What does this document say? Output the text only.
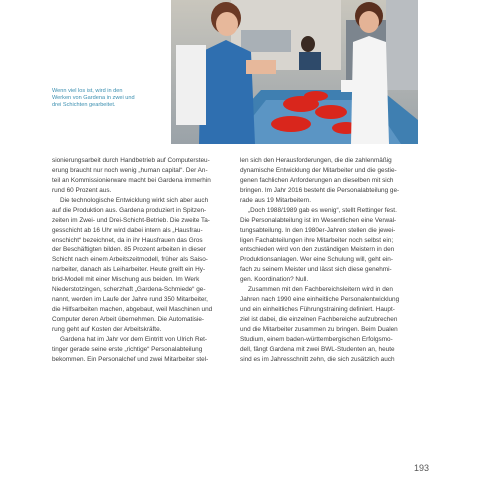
Wenn viel los ist, wird in den
Werken von Gardena in zwei und
drei Schichten gearbeitet.
sionierungsarbeit durch Handbetrieb auf Computersteu-
erung braucht nur noch wenig „human capital“. Der An-
teil an Kommissionierware macht bei Gardena immerhin
rund 60 Prozent aus.
Die technologische Entwicklung wirkt sich aber auch
auf die Produktion aus. Gardena produziert in Spitzen-
zeiten im Zwei- und Drei-Schicht-Betrieb. Die zweite Ta-
gesschicht ab 16 Uhr wird dabei intern als „Hausfrau-
enschicht“ bezeichnet, da in ihr Hausfrauen das Gros
der Beschäftigten bilden. 85 Prozent arbeiten in dieser
Schicht nach einem Arbeitszeitmodell, früher als Saiso-
narbeiter, danach als Leiharbeiter. Heute greift ein Hy-
brid-Modell mit einer Mischung aus beiden. Im Werk
Niederstotzingen, scherzhaft „Gardena-Schmiede“ ge-
nannt, werden im Laufe der Jahre rund 350 Mitarbeiter,
die Hilfsarbeiten machen, abgebaut, weil Maschinen und
Computer deren Arbeit übernehmen. Die Automatisie-
rung geht auf Kosten der Arbeitskräfte.
Gardena hat im Jahr vor dem Eintritt von Ulrich Ret-
tinger gerade seine erste „richtige“ Personalabteilung
bekommen. Ein Personalchef und zwei Mitarbeiter stel-
len sich den Herausforderungen, die die zahlenmäßig
dynamische Entwicklung der Mitarbeiter und die gestie-
genen fachlichen Anforderungen an dieselben mit sich
bringen. Im Jahr 2016 besteht die Personalabteilung ge-
rade aus 19 Mitarbeitern.
„Doch 1988/1989 gab es wenig“, stellt Rettinger fest.
Die Personalabteilung ist im Wesentlichen eine Verwal-
tungsabteilung. In den 1980er-Jahren stellen die jewei-
ligen Fachabteilungen ihre Mitarbeiter noch selbst ein;
entschieden wird von den zuständigen Meistern in den
Produktionsanlagen. Wer eine Schulung will, geht ein-
fach zu seinem Meister und lässt sich diese genehmi-
gen. Koordination? Null.
Zusammen mit den Fachbereichsleitern wird in den
Jahren nach 1990 eine einheitliche Personalentwicklung
und ein einheitliches Führungstraining definiert. Haupt-
ziel ist dabei, die einzelnen Fachbereiche aufzubrechen
und die Mitarbeiter zusammen zu bringen. Beim Dualen
Studium, einem baden-württembergischen Erfolgsmo-
dell, fängt Gardena mit zwei BWL-Studenten an, heute
sind es im Jahresschnitt zehn, die sich zusätzlich auch
193
